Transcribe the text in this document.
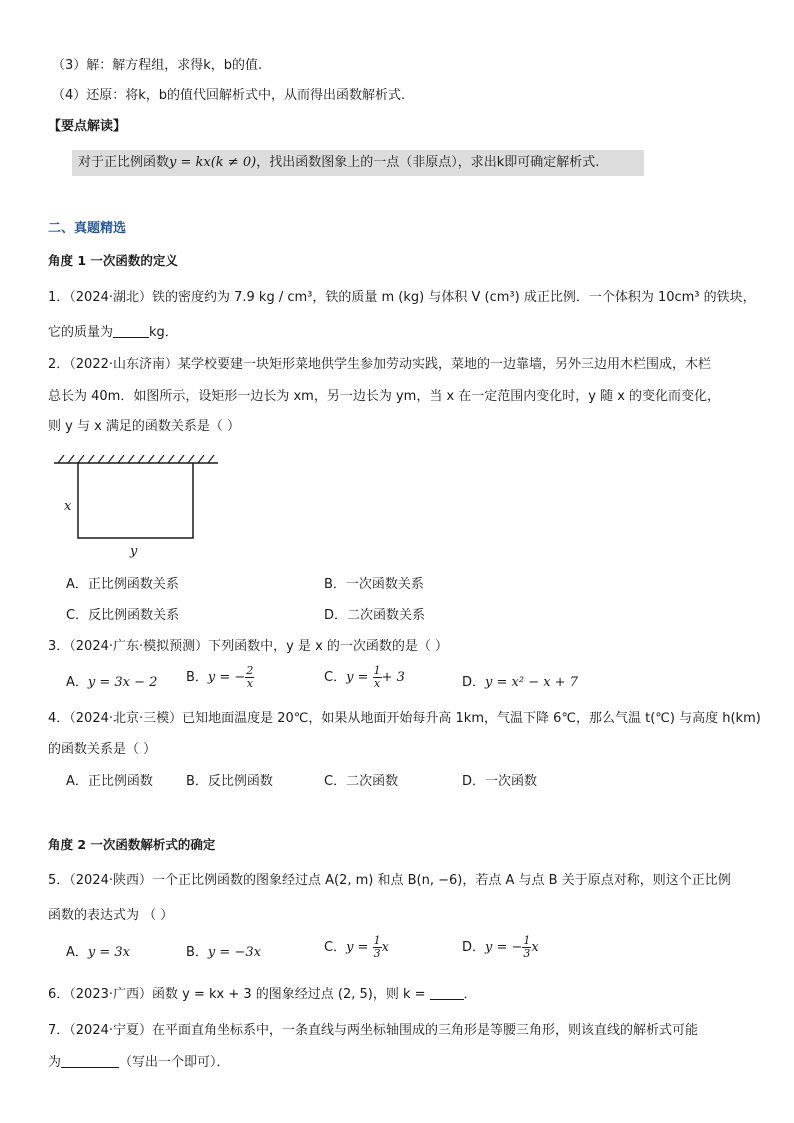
（3）解：解方程组，求得k，b的值.
（4）还原：将k，b的值代回解析式中，从而得出函数解析式.
【要点解读】
对于正比例函数y = kx(k ≠ 0)，找出函数图象上的一点（非原点），求出k即可确定解析式.
二、真题精选
角度 1 一次函数的定义
1．（2024·湖北）铁的密度约为 7.9 kg / cm³，铁的质量 m (kg) 与体积 V (cm³) 成正比例．一个体积为 10cm³ 的铁块，
它的质量为	kg．
2．（2022·山东济南）某学校要建一块矩形菜地供学生参加劳动实践，菜地的一边靠墙，另外三边用木栏围成，木栏
总长为 40m．如图所示，设矩形一边长为 xm，另一边长为 ym，当 x 在一定范围内变化时，y 随 x 的变化而变化，
则 y 与 x 满足的函数关系是（ ）
x
y
A．正比例函数关系	B．一次函数关系
C．反比例函数关系	D．二次函数关系
3．（2024·广东·模拟预测）下列函数中，y 是 x 的一次函数的是（ ）
A．y = 3x − 2 B．y = − $\frac{2}{x}$	C．$y = \frac{1}{x} + 3$	D．y = x² − x + 7
4．（2024·北京·三模）已知地面温度是 20℃，如果从地面开始每升高 1km，气温下降 6℃，那么气温 t(℃) 与高度 h(km)
的函数关系是（ ）
A．正比例函数	B．反比例函数	C．二次函数	D．一次函数
角度 2 一次函数解析式的确定
5．（2024·陕西）一个正比例函数的图象经过点 A(2, m) 和点 B(n, −6)，若点 A 与点 B 关于原点对称，则这个正比例
函数的表达式为 （ ）
A．y = 3x	B．y = −3x	C．$y = \frac{1}{3}$ x	D．y = − $\frac{1}{3}$ x
6．（2023·广西）函数 y = kx + 3 的图象经过点 (2, 5)，则 k =	．
7．（2024·宁夏）在平面直角坐标系中，一条直线与两坐标轴围成的三角形是等腰三角形，则该直线的解析式可能
为	（写出一个即可）．
